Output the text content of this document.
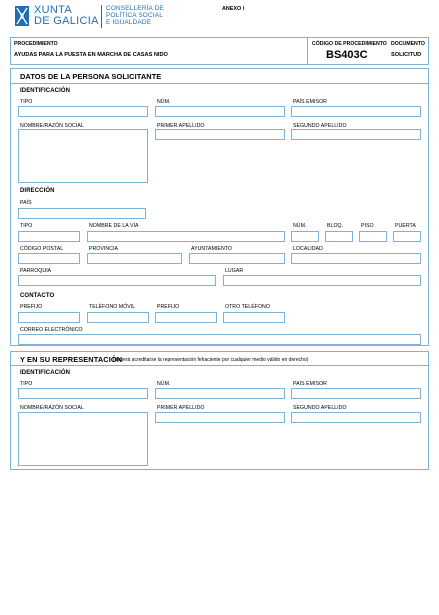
XUNTA
DE GALICIA
CONSELLERÍA DE
POLÍTICA SOCIAL
E IGUALDADE
ANEXO I
PROCEDIMIENTO
AYUDAS PARA LA PUESTA EN MARCHA DE CASAS NIDO
CÓDIGO DE PROCEDIMIENTO
BS403C
DOCUMENTO
SOLICITUD
DATOS DE LA PERSONA SOLICITANTE
IDENTIFICACIÓN
TIPO	NÚM.	PAÍS EMISOR
NOMBRE/RAZÓN SOCIAL	PRIMER APELLIDO	SEGUNDO APELLIDO
DIRECCIÓN
PAÍS
TIPO	NOMBRE DE LA VÍA	NÚM.	BLOQ.	PISO	PUERTA
CÓDIGO POSTAL	PROVINCIA	AYUNTAMIENTO	LOCALIDAD
PARROQUIA	LUGAR
CONTACTO
PREFIJO	TELÉFONO MÓVIL	PREFIJO	OTRO TELÉFONO
CORREO ELECTRÓNICO
Y EN SU REPRESENTACIÓN
(deberá acreditarse la representación fehaciente por cualquier medio válido en derecho)
IDENTIFICACIÓN
TIPO	NÚM.	PAÍS EMISOR
NOMBRE/RAZÓN SOCIAL	PRIMER APELLIDO	SEGUNDO APELLIDO
